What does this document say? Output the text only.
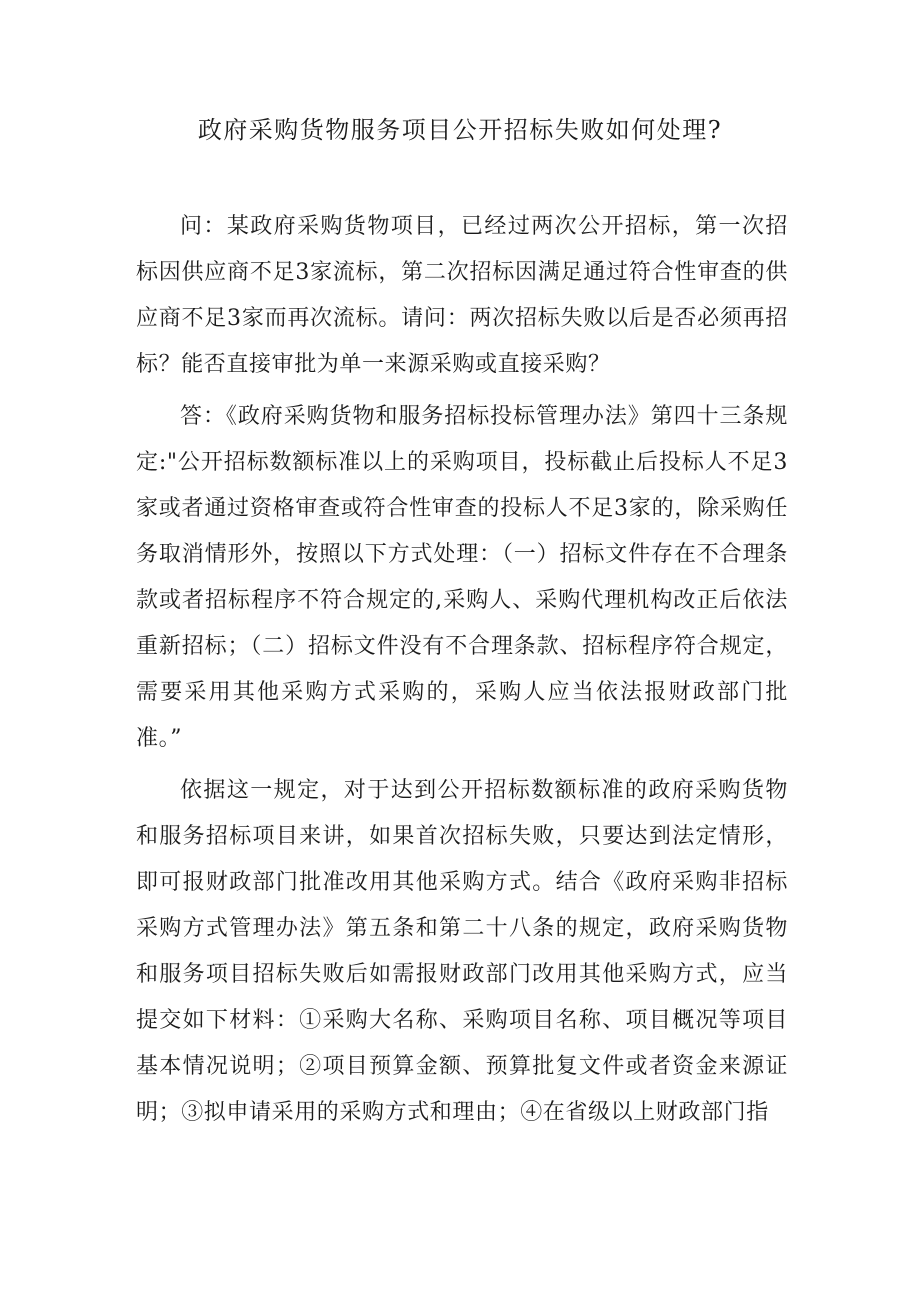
政府采购货物服务项目公开招标失败如何处理?

问：某政府采购货物项目，已经过两次公开招标，第一次招标因供应商不足3家流标，第二次招标因满足通过符合性审查的供应商不足3家而再次流标。请问：两次招标失败以后是否必须再招标？能否直接审批为单一来源采购或直接采购？

答：《政府采购货物和服务招标投标管理办法》第四十三条规定:"公开招标数额标准以上的采购项目，投标截止后投标人不足3家或者通过资格审查或符合性审查的投标人不足3家的，除采购任务取消情形外，按照以下方式处理：（一）招标文件存在不合理条款或者招标程序不符合规定的,采购人、采购代理机构改正后依法重新招标；（二）招标文件没有不合理条款、招标程序符合规定，需要采用其他采购方式采购的，采购人应当依法报财政部门批准。”

依据这一规定，对于达到公开招标数额标准的政府采购货物和服务招标项目来讲，如果首次招标失败，只要达到法定情形，即可报财政部门批准改用其他采购方式。结合《政府采购非招标采购方式管理办法》第五条和第二十八条的规定，政府采购货物和服务项目招标失败后如需报财政部门改用其他采购方式，应当提交如下材料：①采购大名称、采购项目名称、项目概况等项目基本情况说明；②项目预算金额、预算批复文件或者资金来源证明；③拟申请采用的采购方式和理由；④在省级以上财政部门指
